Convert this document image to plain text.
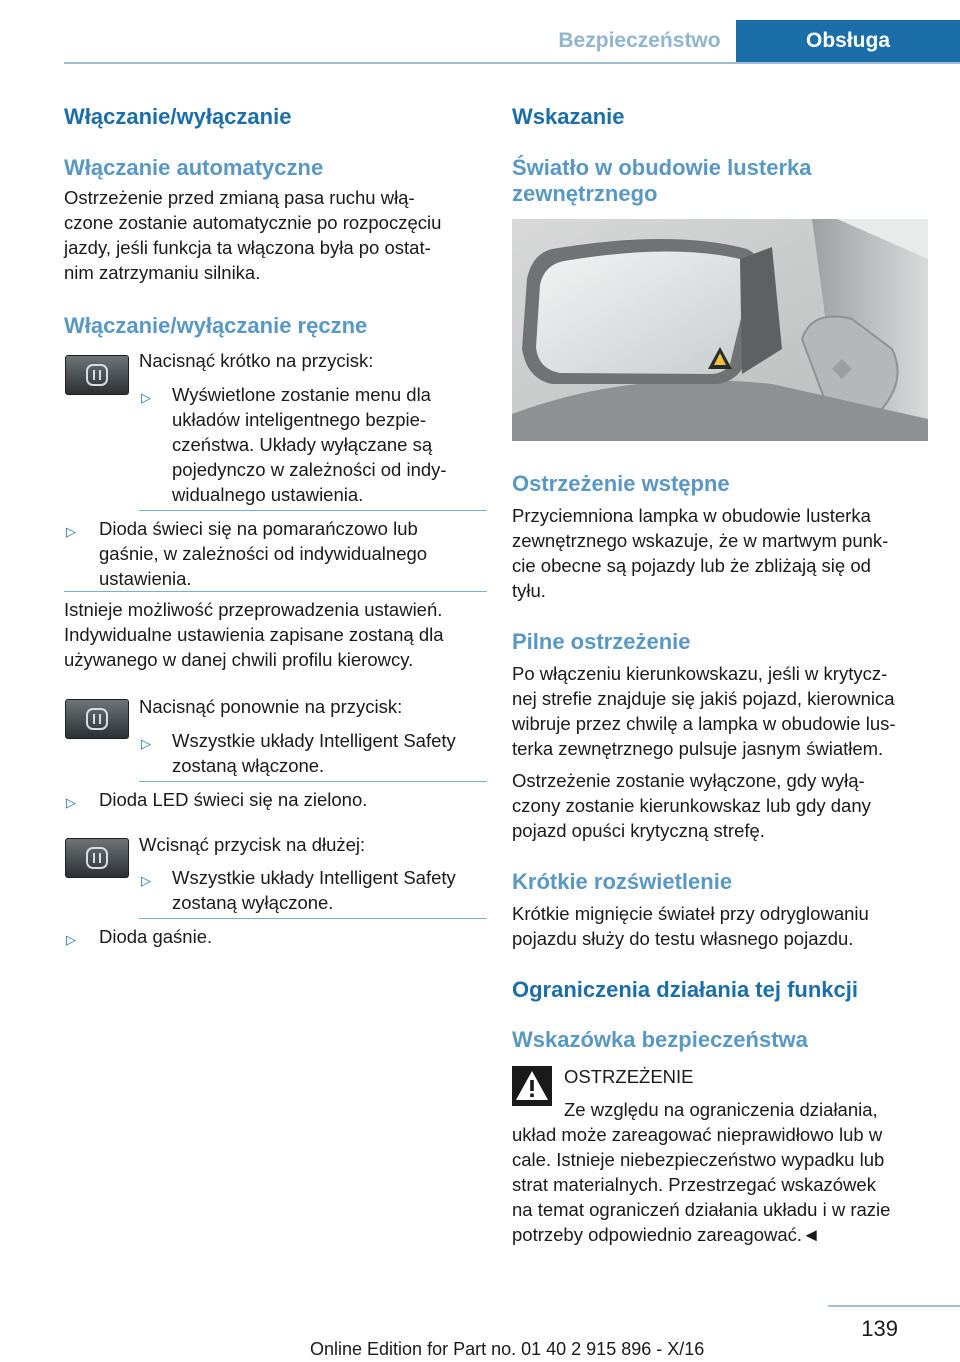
Bezpieczeństwo	Obsługa
Włączanie/wyłączanie
Włączanie automatyczne
Ostrzeżenie przed zmianą pasa ruchu włą‐
czone zostanie automatycznie po rozpoczęciu
jazdy, jeśli funkcja ta włączona była po ostat‐
nim zatrzymaniu silnika.
Włączanie/wyłączanie ręczne
Nacisnąć krótko na przycisk:
▷ Wyświetlone zostanie menu dla
układów inteligentnego bezpie‐
czeństwa. Układy wyłączane są
pojedynczo w zależności od indy‐
widualnego ustawienia.
▷ Dioda świeci się na pomarańczowo lub
gaśnie, w zależności od indywidualnego
ustawienia.
Istnieje możliwość przeprowadzenia ustawień.
Indywidualne ustawienia zapisane zostaną dla
używanego w danej chwili profilu kierowcy.
Nacisnąć ponownie na przycisk:
▷ Wszystkie układy Intelligent Safety
zostaną włączone.
▷ Dioda LED świeci się na zielono.
Wcisnąć przycisk na dłużej:
▷ Wszystkie układy Intelligent Safety
zostaną wyłączone.
▷ Dioda gaśnie.
Wskazanie
Światło w obudowie lusterka
zewnętrznego
Ostrzeżenie wstępne
Przyciemniona lampka w obudowie lusterka
zewnętrznego wskazuje, że w martwym punk‐
cie obecne są pojazdy lub że zbliżają się od
tyłu.
Pilne ostrzeżenie
Po włączeniu kierunkowskazu, jeśli w krytycz‐
nej strefie znajduje się jakiś pojazd, kierownica
wibruje przez chwilę a lampka w obudowie lus‐
terka zewnętrznego pulsuje jasnym światłem.
Ostrzeżenie zostanie wyłączone, gdy wyłą‐
czony zostanie kierunkowskaz lub gdy dany
pojazd opuści krytyczną strefę.
Krótkie rozświetlenie
Krótkie mignięcie świateł przy odryglowaniu
pojazdu służy do testu własnego pojazdu.
Ograniczenia działania tej funkcji
Wskazówka bezpieczeństwa
OSTRZEŻENIE
Ze względu na ograniczenia działania,
układ może zareagować nieprawidłowo lub w
cale. Istnieje niebezpieczeństwo wypadku lub
strat materialnych. Przestrzegać wskazówek
na temat ograniczeń działania układu i w razie
potrzeby odpowiednio zareagować.◄
139
Online Edition for Part no. 01 40 2 915 896 - X/16
